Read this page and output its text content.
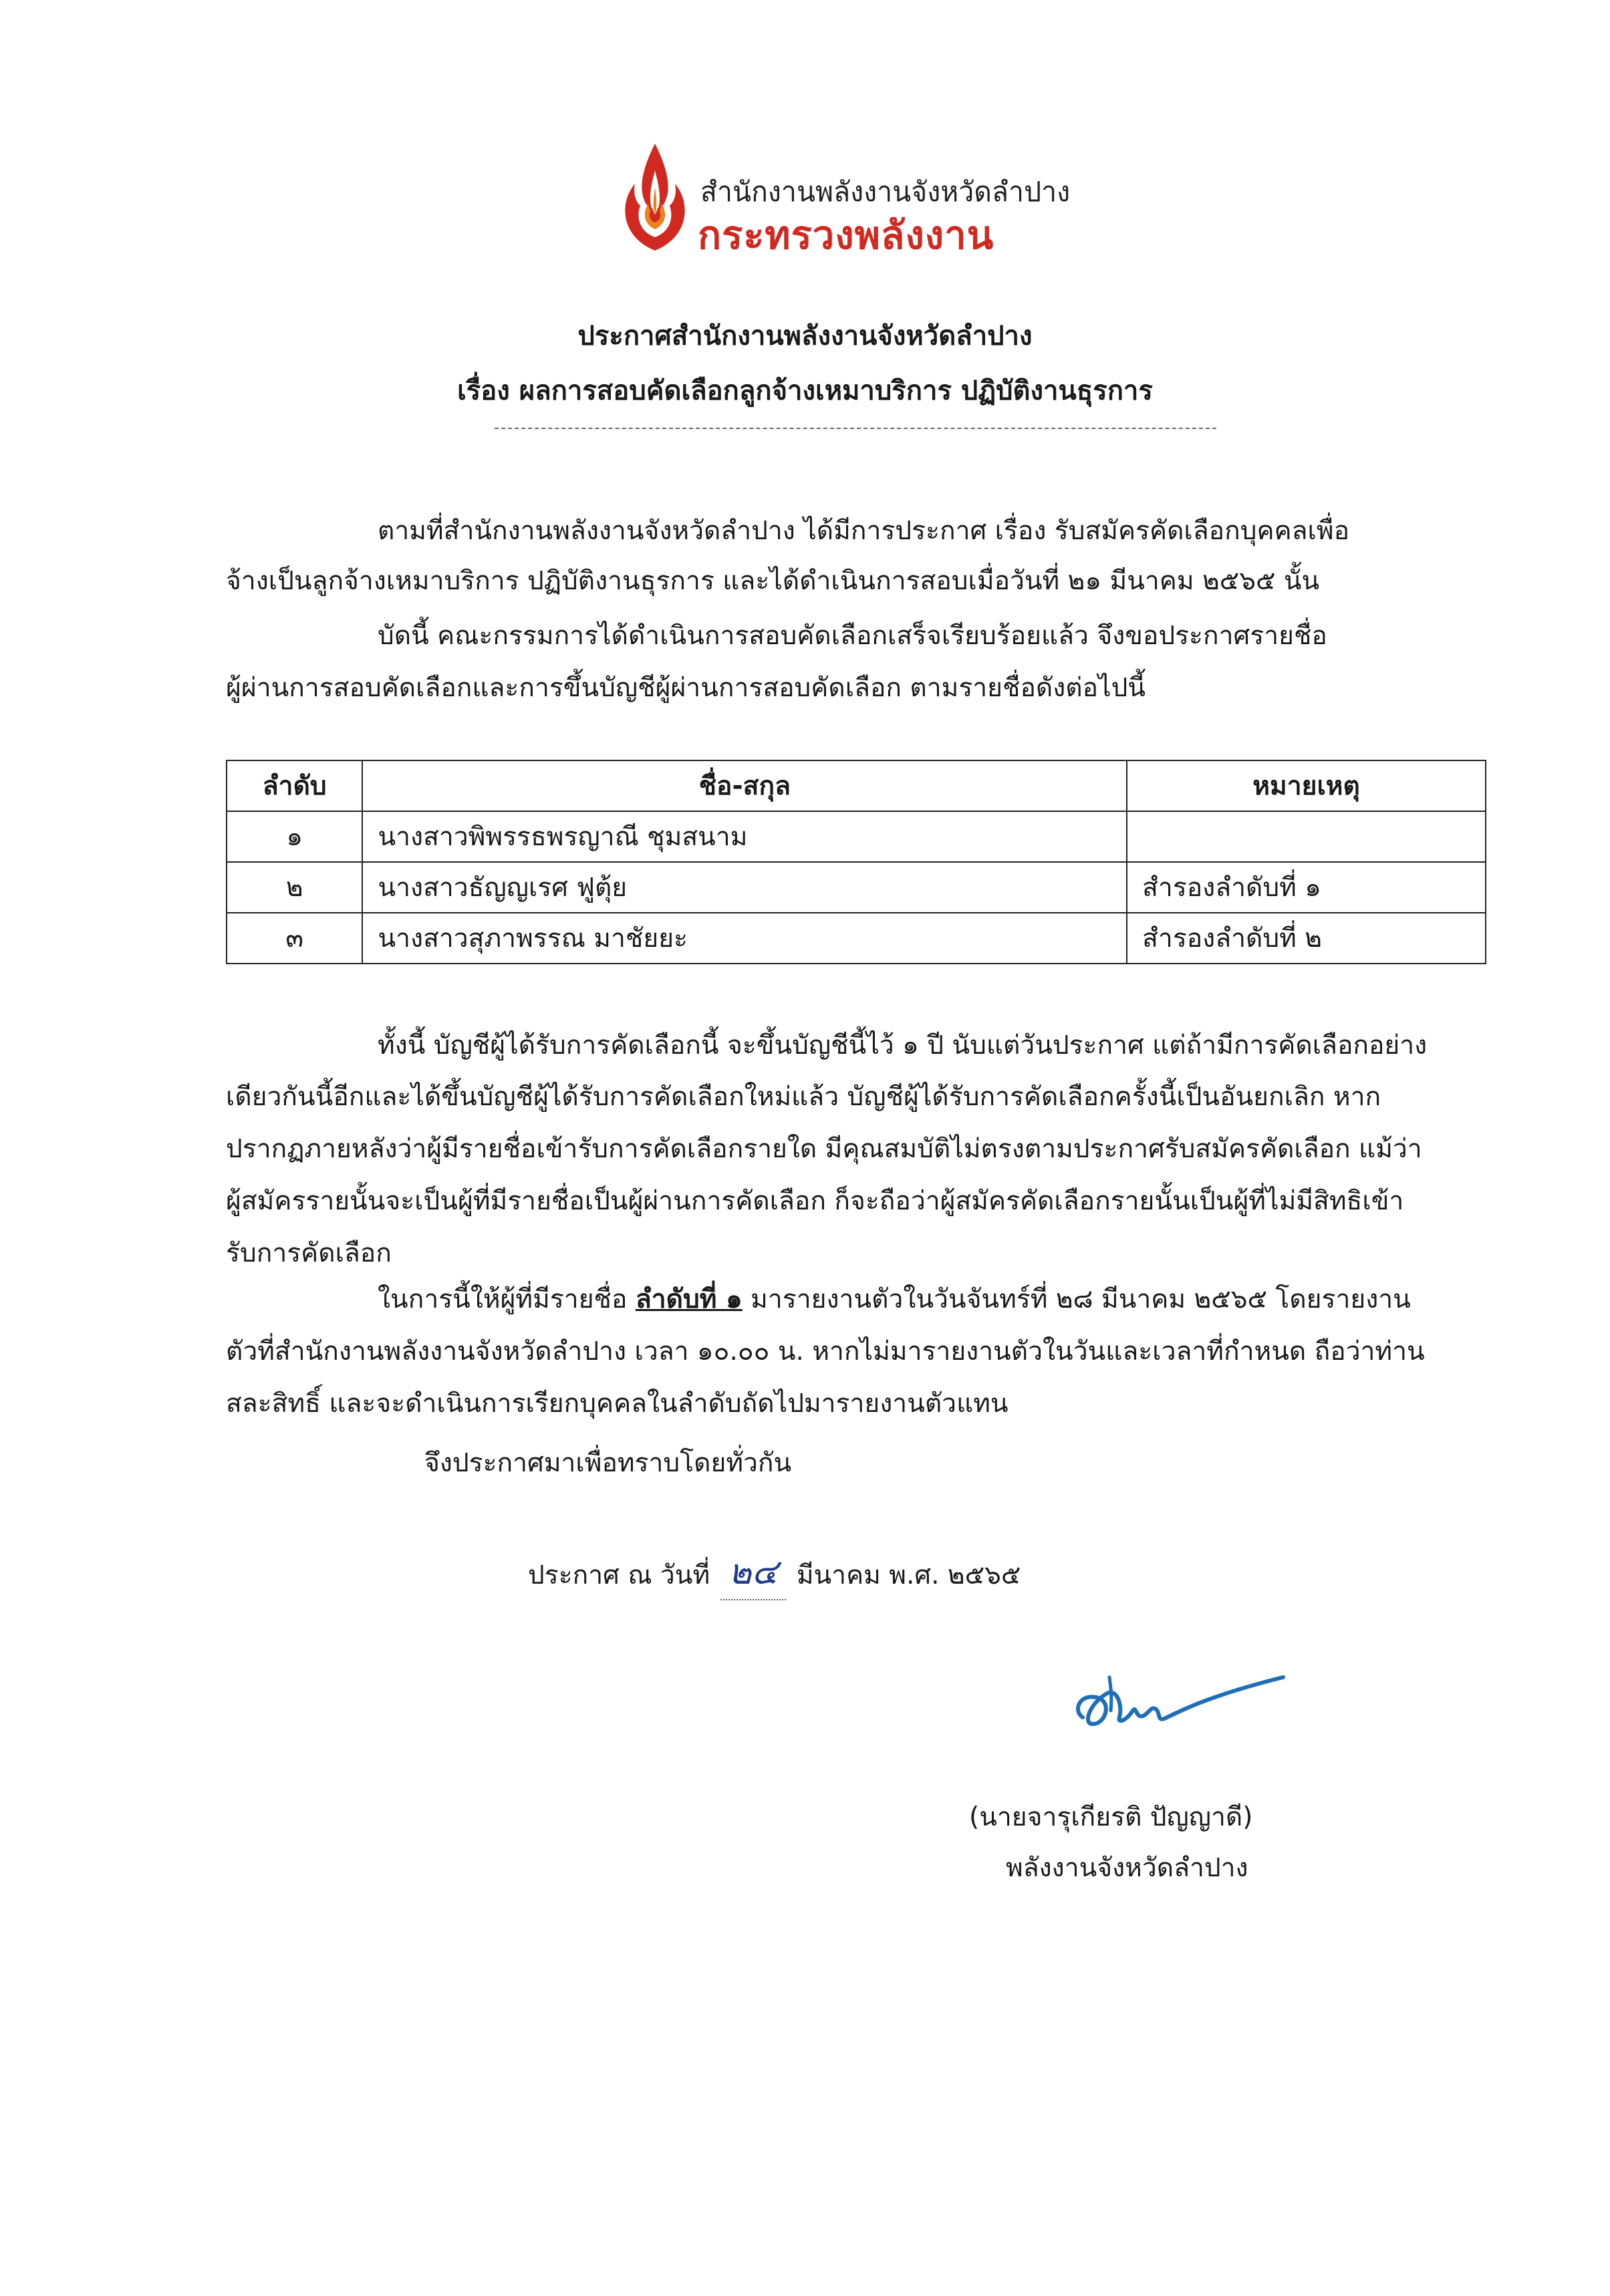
สำนักงานพลังงานจังหวัดลำปาง
กระทรวงพลังงาน
ประกาศสำนักงานพลังงานจังหวัดลำปาง
เรื่อง ผลการสอบคัดเลือกลูกจ้างเหมาบริการ ปฏิบัติงานธุรการ
ตามที่สำนักงานพลังงานจังหวัดลำปาง ได้มีการประกาศ เรื่อง รับสมัครคัดเลือกบุคคลเพื่อ
จ้างเป็นลูกจ้างเหมาบริการ ปฏิบัติงานธุรการ และได้ดำเนินการสอบเมื่อวันที่ ๒๑ มีนาคม ๒๕๖๕ นั้น
บัดนี้ คณะกรรมการได้ดำเนินการสอบคัดเลือกเสร็จเรียบร้อยแล้ว จึงขอประกาศรายชื่อ
ผู้ผ่านการสอบคัดเลือกและการขึ้นบัญชีผู้ผ่านการสอบคัดเลือก ตามรายชื่อดังต่อไปนี้
ลำดับ	ชื่อ-สกุล	หมายเหตุ
๑	นางสาวพิพรรธพรญาณี ชุมสนาม	
๒	นางสาวธัญญเรศ ฟูตุ้ย	สำรองลำดับที่ ๑
๓	นางสาวสุภาพรรณ มาชัยยะ	สำรองลำดับที่ ๒
ทั้งนี้ บัญชีผู้ได้รับการคัดเลือกนี้ จะขึ้นบัญชีนี้ไว้ ๑ ปี นับแต่วันประกาศ แต่ถ้ามีการคัดเลือกอย่าง
เดียวกันนี้อีกและได้ขึ้นบัญชีผู้ได้รับการคัดเลือกใหม่แล้ว บัญชีผู้ได้รับการคัดเลือกครั้งนี้เป็นอันยกเลิก หาก
ปรากฏภายหลังว่าผู้มีรายชื่อเข้ารับการคัดเลือกรายใด มีคุณสมบัติไม่ตรงตามประกาศรับสมัครคัดเลือก แม้ว่า
ผู้สมัครรายนั้นจะเป็นผู้ที่มีรายชื่อเป็นผู้ผ่านการคัดเลือก ก็จะถือว่าผู้สมัครคัดเลือกรายนั้นเป็นผู้ที่ไม่มีสิทธิเข้า
รับการคัดเลือก
ในการนี้ให้ผู้ที่มีรายชื่อ ลำดับที่ ๑ มารายงานตัวในวันจันทร์ที่ ๒๘ มีนาคม ๒๕๖๕ โดยรายงาน
ตัวที่สำนักงานพลังงานจังหวัดลำปาง เวลา ๑๐.๐๐ น. หากไม่มารายงานตัวในวันและเวลาที่กำหนด ถือว่าท่าน
สละสิทธิ์ และจะดำเนินการเรียกบุคคลในลำดับถัดไปมารายงานตัวแทน
จึงประกาศมาเพื่อทราบโดยทั่วกัน
ประกาศ ณ วันที่ ๒๔ มีนาคม พ.ศ. ๒๕๖๕
(นายจารุเกียรติ ปัญญาดี)
พลังงานจังหวัดลำปาง
